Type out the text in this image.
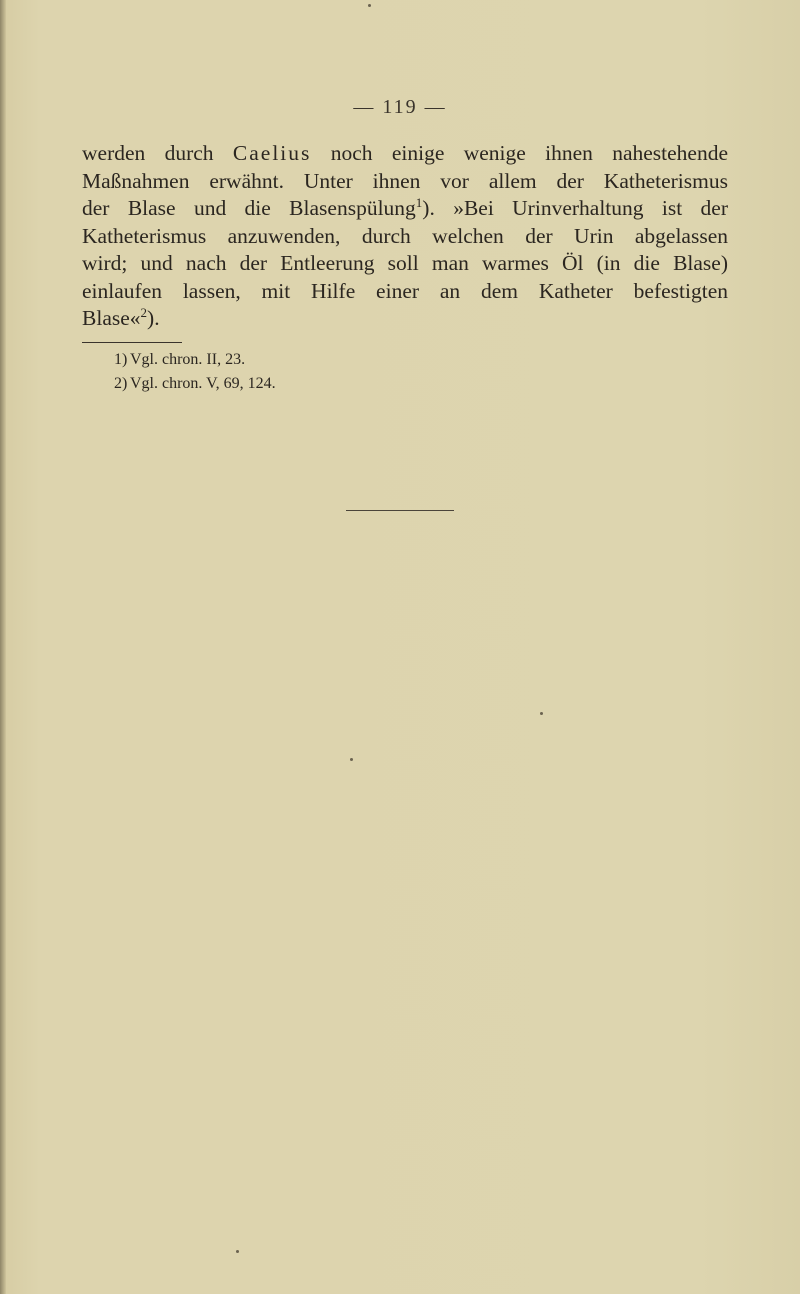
— 119 —
werden durch Caelius noch einige wenige ihnen nahestehende
Maßnahmen erwähnt. Unter ihnen vor allem der Katheterismus
der Blase und die Blasenspülung$^1$). »Bei Urinverhaltung ist der
Katheterismus anzuwenden, durch welchen der Urin abgelassen
wird; und nach der Entleerung soll man warmes Öl (in die Blase)
einlaufen lassen, mit Hilfe einer an dem Katheter befestigten
Blase«$^2$).
1) Vgl. chron. II, 23.
2) Vgl. chron. V, 69, 124.
